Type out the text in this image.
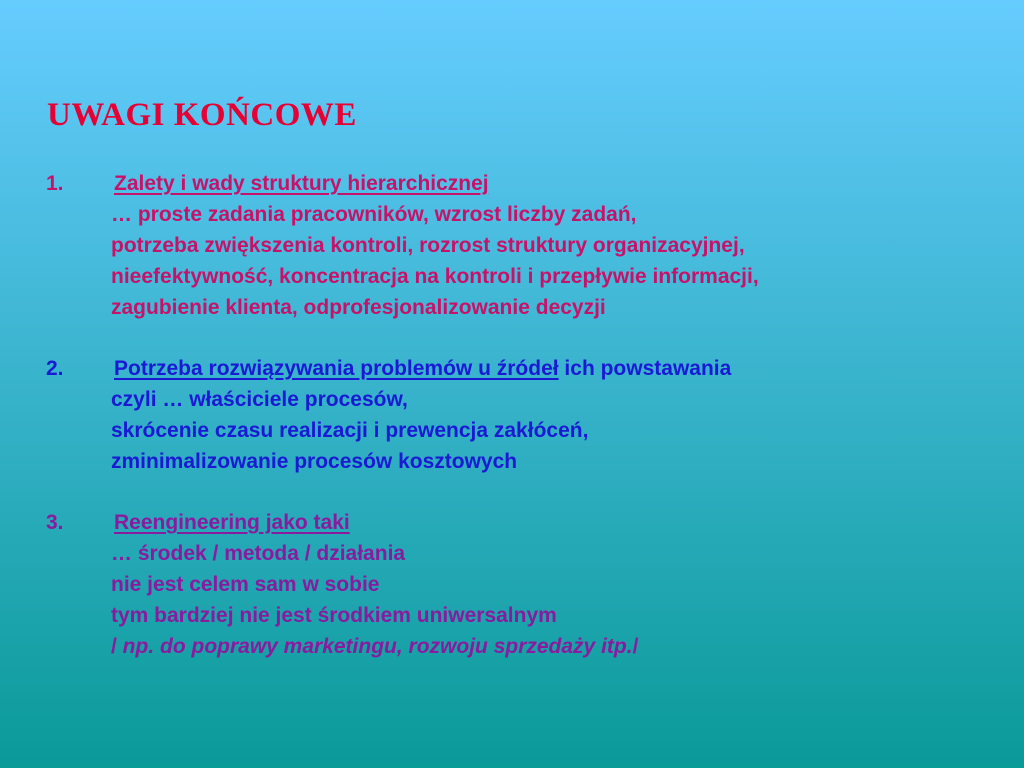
UWAGI KOŃCOWE
1. Zalety i wady struktury hierarchicznej
… proste zadania pracowników, wzrost liczby zadań,
potrzeba zwiększenia kontroli, rozrost struktury organizacyjnej,
nieefektywność, koncentracja na kontroli i przepływie informacji,
zagubienie klienta, odprofesjonalizowanie decyzji
2. Potrzeba rozwiązywania problemów u źródeł ich powstawania
czyli … właściciele procesów,
skrócenie czasu realizacji i prewencja zakłóceń,
zminimalizowanie procesów kosztowych
3. Reengineering jako taki
… środek / metoda / działania
nie jest celem sam w sobie
tym bardziej nie jest środkiem uniwersalnym
/ np. do poprawy marketingu, rozwoju sprzedaży itp./
